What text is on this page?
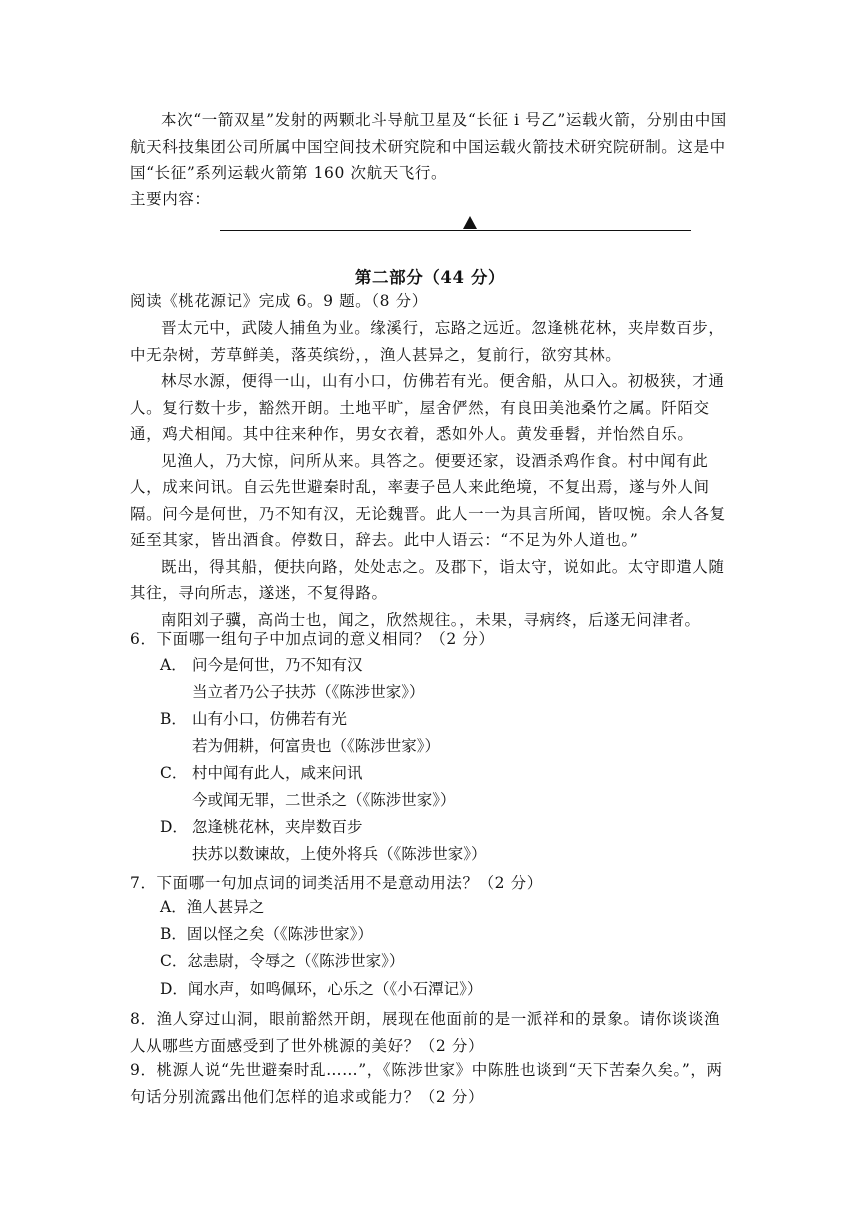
本次“一箭双星”发射的两颗北斗导航卫星及“长征 i 号乙”运载火箭，分别由中国航天科技集团公司所属中国空间技术研究院和中国运载火箭技术研究院研制。这是中国“长征”系列运载火箭第 160 次航天飞行。

主要内容：
第二部分（44 分）
阅读《桃花源记》完成 6。9 题。（8 分）

晋太元中，武陵人捕鱼为业。缘溪行，忘路之远近。忽逢桃花林，夹岸数百步，中无杂树，芳草鲜美，落英缤纷，，渔人甚异之，复前行，欲穷其林。

林尽水源，便得一山，山有小口，仿佛若有光。便舍船，从口入。初极狭，才通人。复行数十步，豁然开朗。土地平旷，屋舍俨然，有良田美池桑竹之属。阡陌交通，鸡犬相闻。其中往来种作，男女衣着，悉如外人。黄发垂髫，并怡然自乐。

见渔人，乃大惊，问所从来。具答之。便要还家，设酒杀鸡作食。村中闻有此人，成来问讯。自云先世避秦时乱，率妻子邑人来此绝境，不复出焉，遂与外人间隔。问今是何世，乃不知有汉，无论魏晋。此人一一为具言所闻，皆叹惋。余人各复延至其家，皆出酒食。停数日，辞去。此中人语云：“不足为外人道也。”

既出，得其船，便扶向路，处处志之。及郡下，诣太守，说如此。太守即遣人随其往，寻向所志，遂迷，不复得路。

南阳刘子骥，高尚士也，闻之，欣然规往。，未果，寻病终，后遂无问津者。

6．下面哪一组句子中加点词的意义相同？（2 分）
A． 问今是何世，乃不知有汉
当立者乃公子扶苏（《陈涉世家》）
B． 山有小口，仿佛若有光
若为佣耕，何富贵也（《陈涉世家》）
C． 村中闻有此人，咸来问讯
今或闻无罪，二世杀之（《陈涉世家》）
D． 忽逢桃花林，夹岸数百步
扶苏以数谏故，上使外将兵（《陈涉世家》）
7．下面哪一句加点词的词类活用不是意动用法？（2 分）
A．渔人甚异之
B．固以怪之矣（《陈涉世家》）
C．忿恚尉，令辱之（《陈涉世家》）
D．闻水声，如鸣佩环，心乐之（《小石潭记》）
8．渔人穿过山洞，眼前豁然开朗，展现在他面前的是一派祥和的景象。请你谈谈渔人从哪些方面感受到了世外桃源的美好？（2 分）
9．桃源人说“先世避秦时乱……”，《陈涉世家》中陈胜也谈到“天下苦秦久矣。”，两句话分别流露出他们怎样的追求或能力？（2 分）
